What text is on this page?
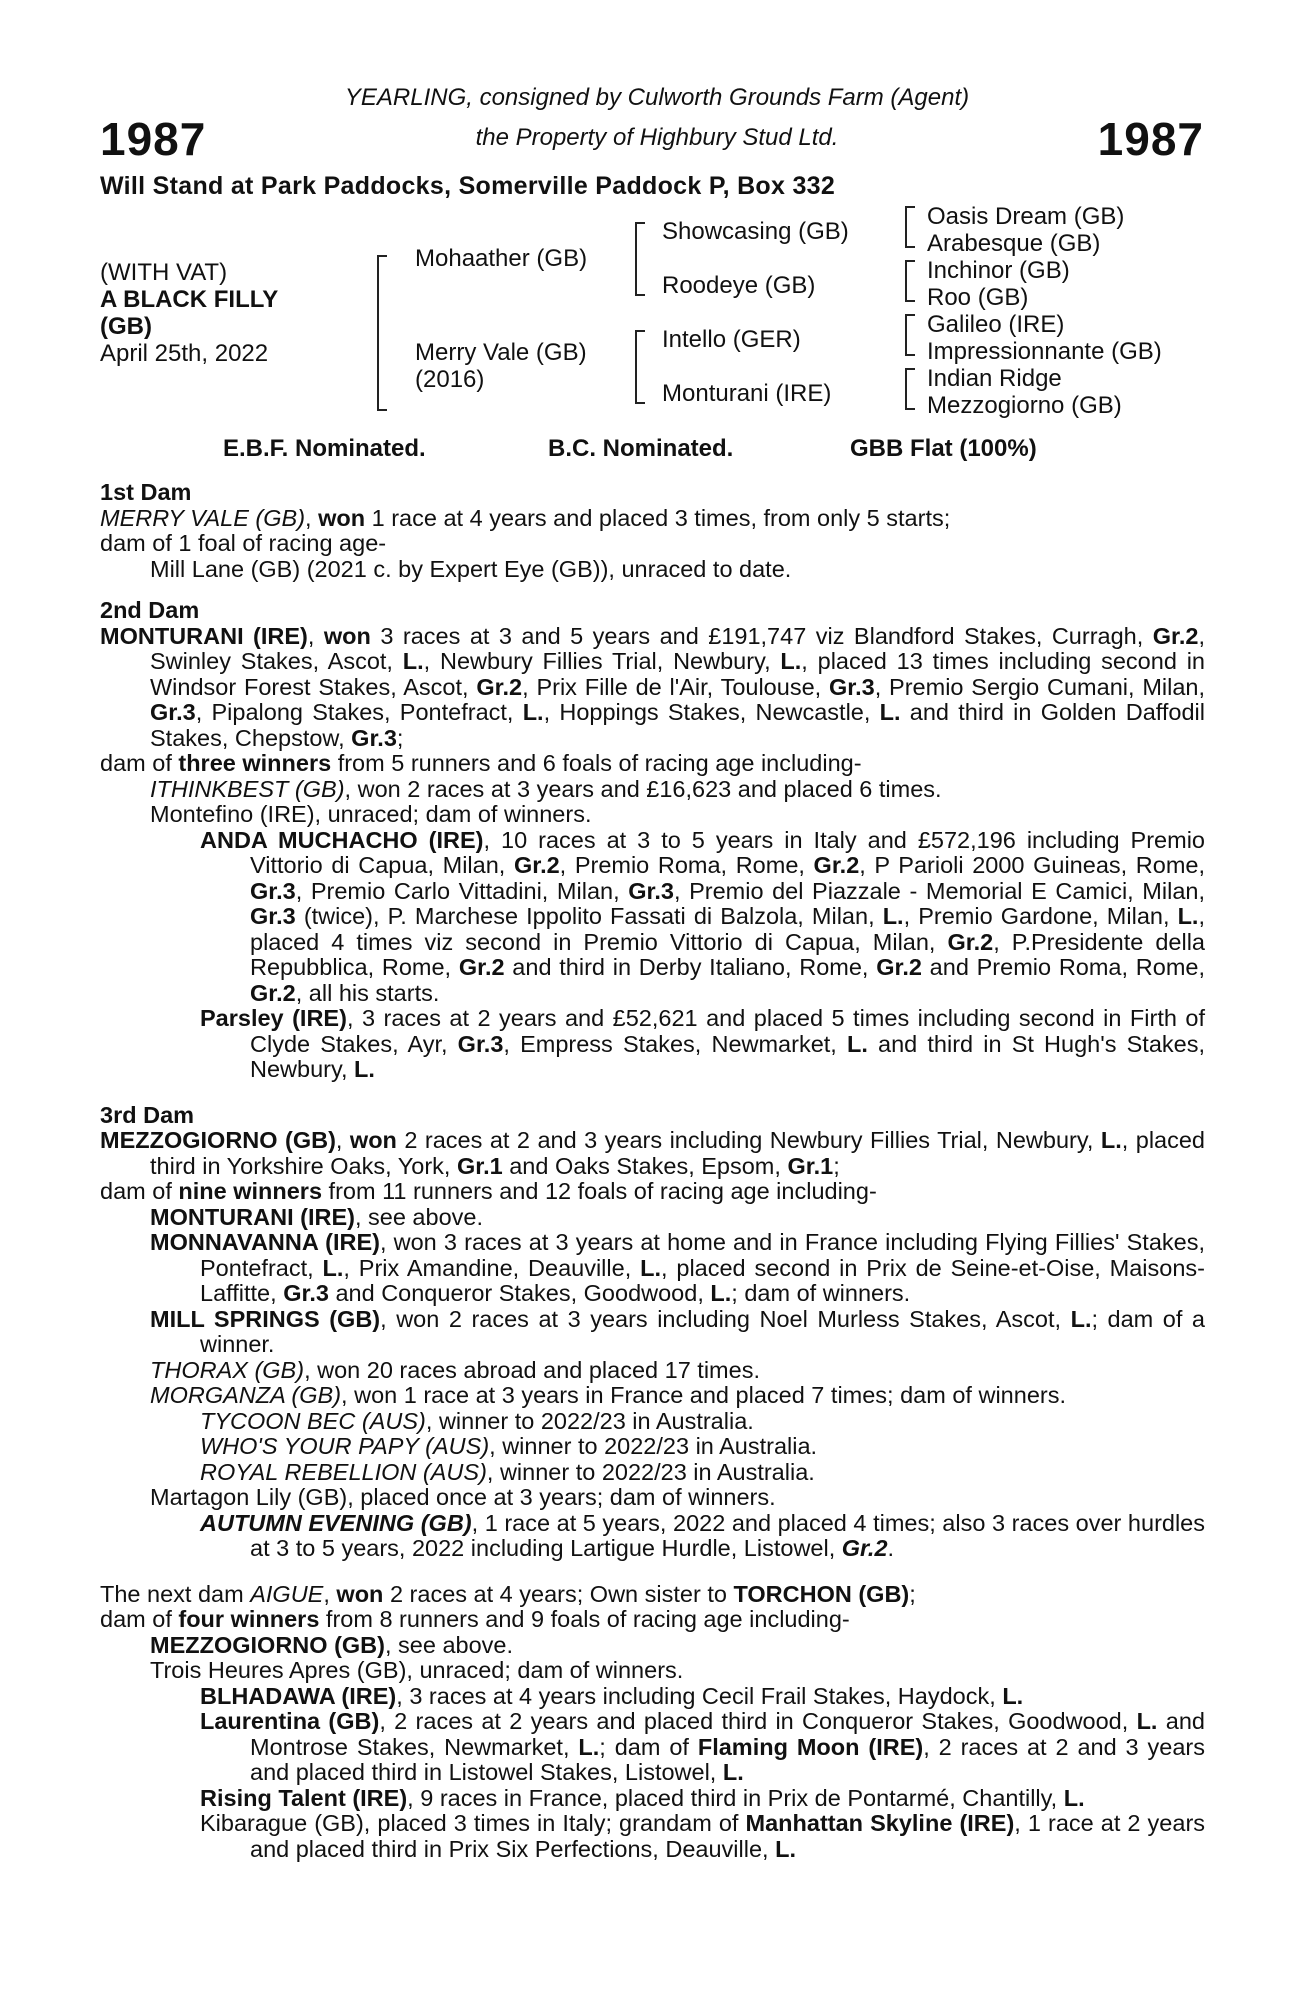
1987	1987
YEARLING, consigned by Culworth Grounds Farm (Agent)
the Property of Highbury Stud Ltd.
Will Stand at Park Paddocks, Somerville Paddock P, Box 332
(WITH VAT)
A BLACK FILLY
(GB)
April 25th, 2022
Mohaather (GB)
Merry Vale (GB)
(2016)
Showcasing (GB)
Roodeye (GB)
Intello (GER)
Monturani (IRE)
Oasis Dream (GB)
Arabesque (GB)
Inchinor (GB)
Roo (GB)
Galileo (IRE)
Impressionnante (GB)
Indian Ridge
Mezzogiorno (GB)
E.B.F. Nominated.	B.C. Nominated.	GBB Flat (100%)

1st Dam

MERRY VALE (GB), won 1 race at 4 years and placed 3 times, from only 5 starts;

dam of 1 foal of racing age-

Mill Lane (GB) (2021 c. by Expert Eye (GB)), unraced to date.

2nd Dam

MONTURANI (IRE), won 3 races at 3 and 5 years and £191,747 viz Blandford Stakes, Curragh, Gr.2, Swinley Stakes, Ascot, L., Newbury Fillies Trial, Newbury, L., placed 13 times including second in Windsor Forest Stakes, Ascot, Gr.2, Prix Fille de l'Air, Toulouse, Gr.3, Premio Sergio Cumani, Milan, Gr.3, Pipalong Stakes, Pontefract, L., Hoppings Stakes, Newcastle, L. and third in Golden Daffodil Stakes, Chepstow, Gr.3;

dam of three winners from 5 runners and 6 foals of racing age including-

ITHINKBEST (GB), won 2 races at 3 years and £16,623 and placed 6 times.

Montefino (IRE), unraced; dam of winners.

ANDA MUCHACHO (IRE), 10 races at 3 to 5 years in Italy and £572,196 including Premio Vittorio di Capua, Milan, Gr.2, Premio Roma, Rome, Gr.2, P Parioli 2000 Guineas, Rome, Gr.3, Premio Carlo Vittadini, Milan, Gr.3, Premio del Piazzale - Memorial E Camici, Milan, Gr.3 (twice), P. Marchese Ippolito Fassati di Balzola, Milan, L., Premio Gardone, Milan, L., placed 4 times viz second in Premio Vittorio di Capua, Milan, Gr.2, P.Presidente della Repubblica, Rome, Gr.2 and third in Derby Italiano, Rome, Gr.2 and Premio Roma, Rome, Gr.2, all his starts.

Parsley (IRE), 3 races at 2 years and £52,621 and placed 5 times including second in Firth of Clyde Stakes, Ayr, Gr.3, Empress Stakes, Newmarket, L. and third in St Hugh's Stakes, Newbury, L.

3rd Dam

MEZZOGIORNO (GB), won 2 races at 2 and 3 years including Newbury Fillies Trial, Newbury, L., placed third in Yorkshire Oaks, York, Gr.1 and Oaks Stakes, Epsom, Gr.1;

dam of nine winners from 11 runners and 12 foals of racing age including-

MONTURANI (IRE), see above.

MONNAVANNA (IRE), won 3 races at 3 years at home and in France including Flying Fillies' Stakes, Pontefract, L., Prix Amandine, Deauville, L., placed second in Prix de Seine-et-Oise, Maisons-Laffitte, Gr.3 and Conqueror Stakes, Goodwood, L.; dam of winners.

MILL SPRINGS (GB), won 2 races at 3 years including Noel Murless Stakes, Ascot, L.; dam of a winner.

THORAX (GB), won 20 races abroad and placed 17 times.

MORGANZA (GB), won 1 race at 3 years in France and placed 7 times; dam of winners.

TYCOON BEC (AUS), winner to 2022/23 in Australia.

WHO'S YOUR PAPY (AUS), winner to 2022/23 in Australia.

ROYAL REBELLION (AUS), winner to 2022/23 in Australia.

Martagon Lily (GB), placed once at 3 years; dam of winners.

AUTUMN EVENING (GB), 1 race at 5 years, 2022 and placed 4 times; also 3 races over hurdles at 3 to 5 years, 2022 including Lartigue Hurdle, Listowel, Gr.2.

The next dam AIGUE, won 2 races at 4 years; Own sister to TORCHON (GB);

dam of four winners from 8 runners and 9 foals of racing age including-

MEZZOGIORNO (GB), see above.

Trois Heures Apres (GB), unraced; dam of winners.

BLHADAWA (IRE), 3 races at 4 years including Cecil Frail Stakes, Haydock, L.

Laurentina (GB), 2 races at 2 years and placed third in Conqueror Stakes, Goodwood, L. and Montrose Stakes, Newmarket, L.; dam of Flaming Moon (IRE), 2 races at 2 and 3 years and placed third in Listowel Stakes, Listowel, L.

Rising Talent (IRE), 9 races in France, placed third in Prix de Pontarmé, Chantilly, L.

Kibarague (GB), placed 3 times in Italy; grandam of Manhattan Skyline (IRE), 1 race at 2 years and placed third in Prix Six Perfections, Deauville, L.
